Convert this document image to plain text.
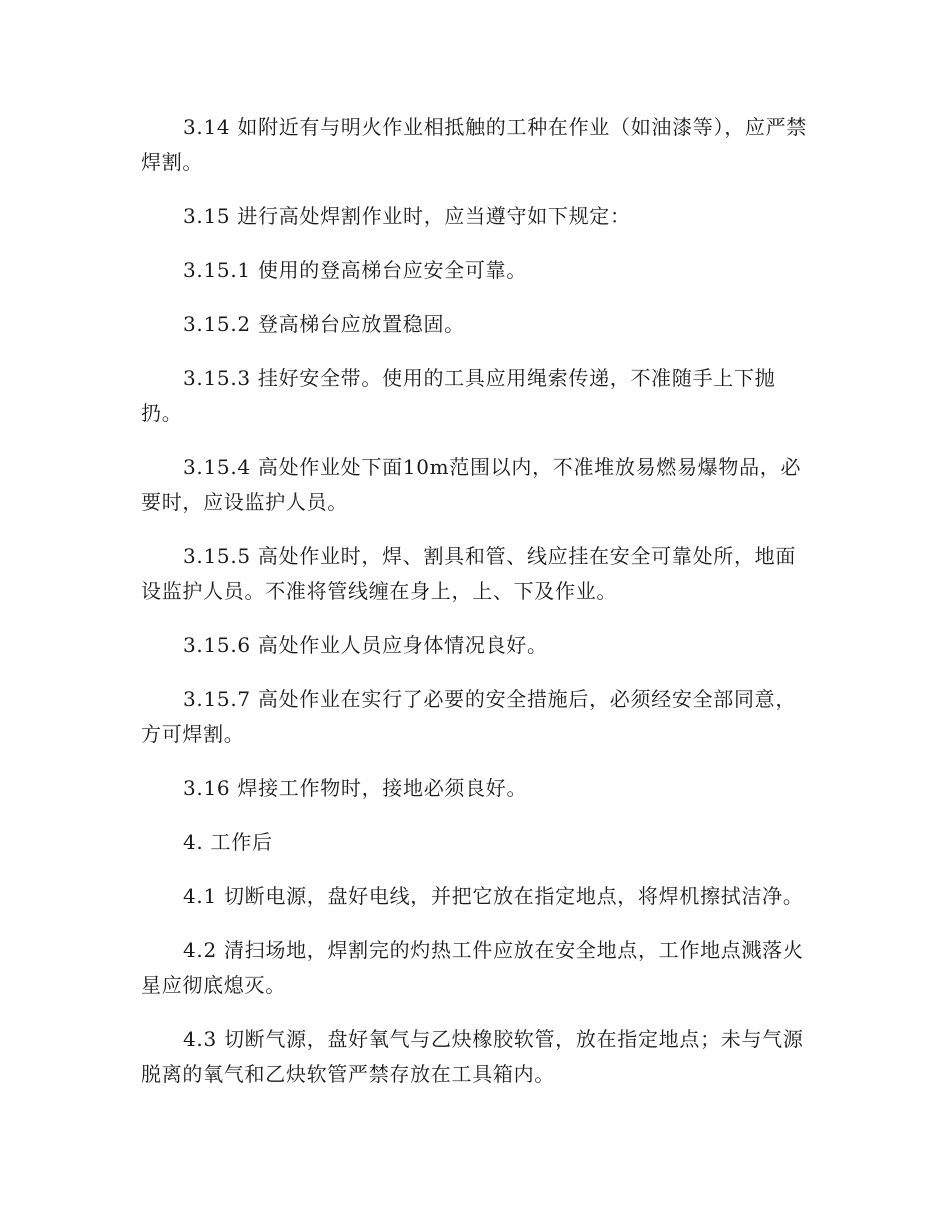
3.14 如附近有与明火作业相抵触的工种在作业（如油漆等），应严禁焊割。

3.15 进行高处焊割作业时，应当遵守如下规定：

3.15.1 使用的登高梯台应安全可靠。

3.15.2 登高梯台应放置稳固。

3.15.3 挂好安全带。使用的工具应用绳索传递，不准随手上下抛扔。

3.15.4 高处作业处下面10m范围以内，不准堆放易燃易爆物品，必要时，应设监护人员。

3.15.5 高处作业时，焊、割具和管、线应挂在安全可靠处所，地面设监护人员。不准将管线缠在身上，上、下及作业。

3.15.6 高处作业人员应身体情况良好。

3.15.7 高处作业在实行了必要的安全措施后，必须经安全部同意，方可焊割。

3.16 焊接工作物时，接地必须良好。

4. 工作后

4.1 切断电源，盘好电线，并把它放在指定地点，将焊机擦拭洁净。

4.2 清扫场地，焊割完的灼热工件应放在安全地点，工作地点溅落火星应彻底熄灭。

4.3 切断气源，盘好氧气与乙炔橡胶软管，放在指定地点；未与气源脱离的氧气和乙炔软管严禁存放在工具箱内。
